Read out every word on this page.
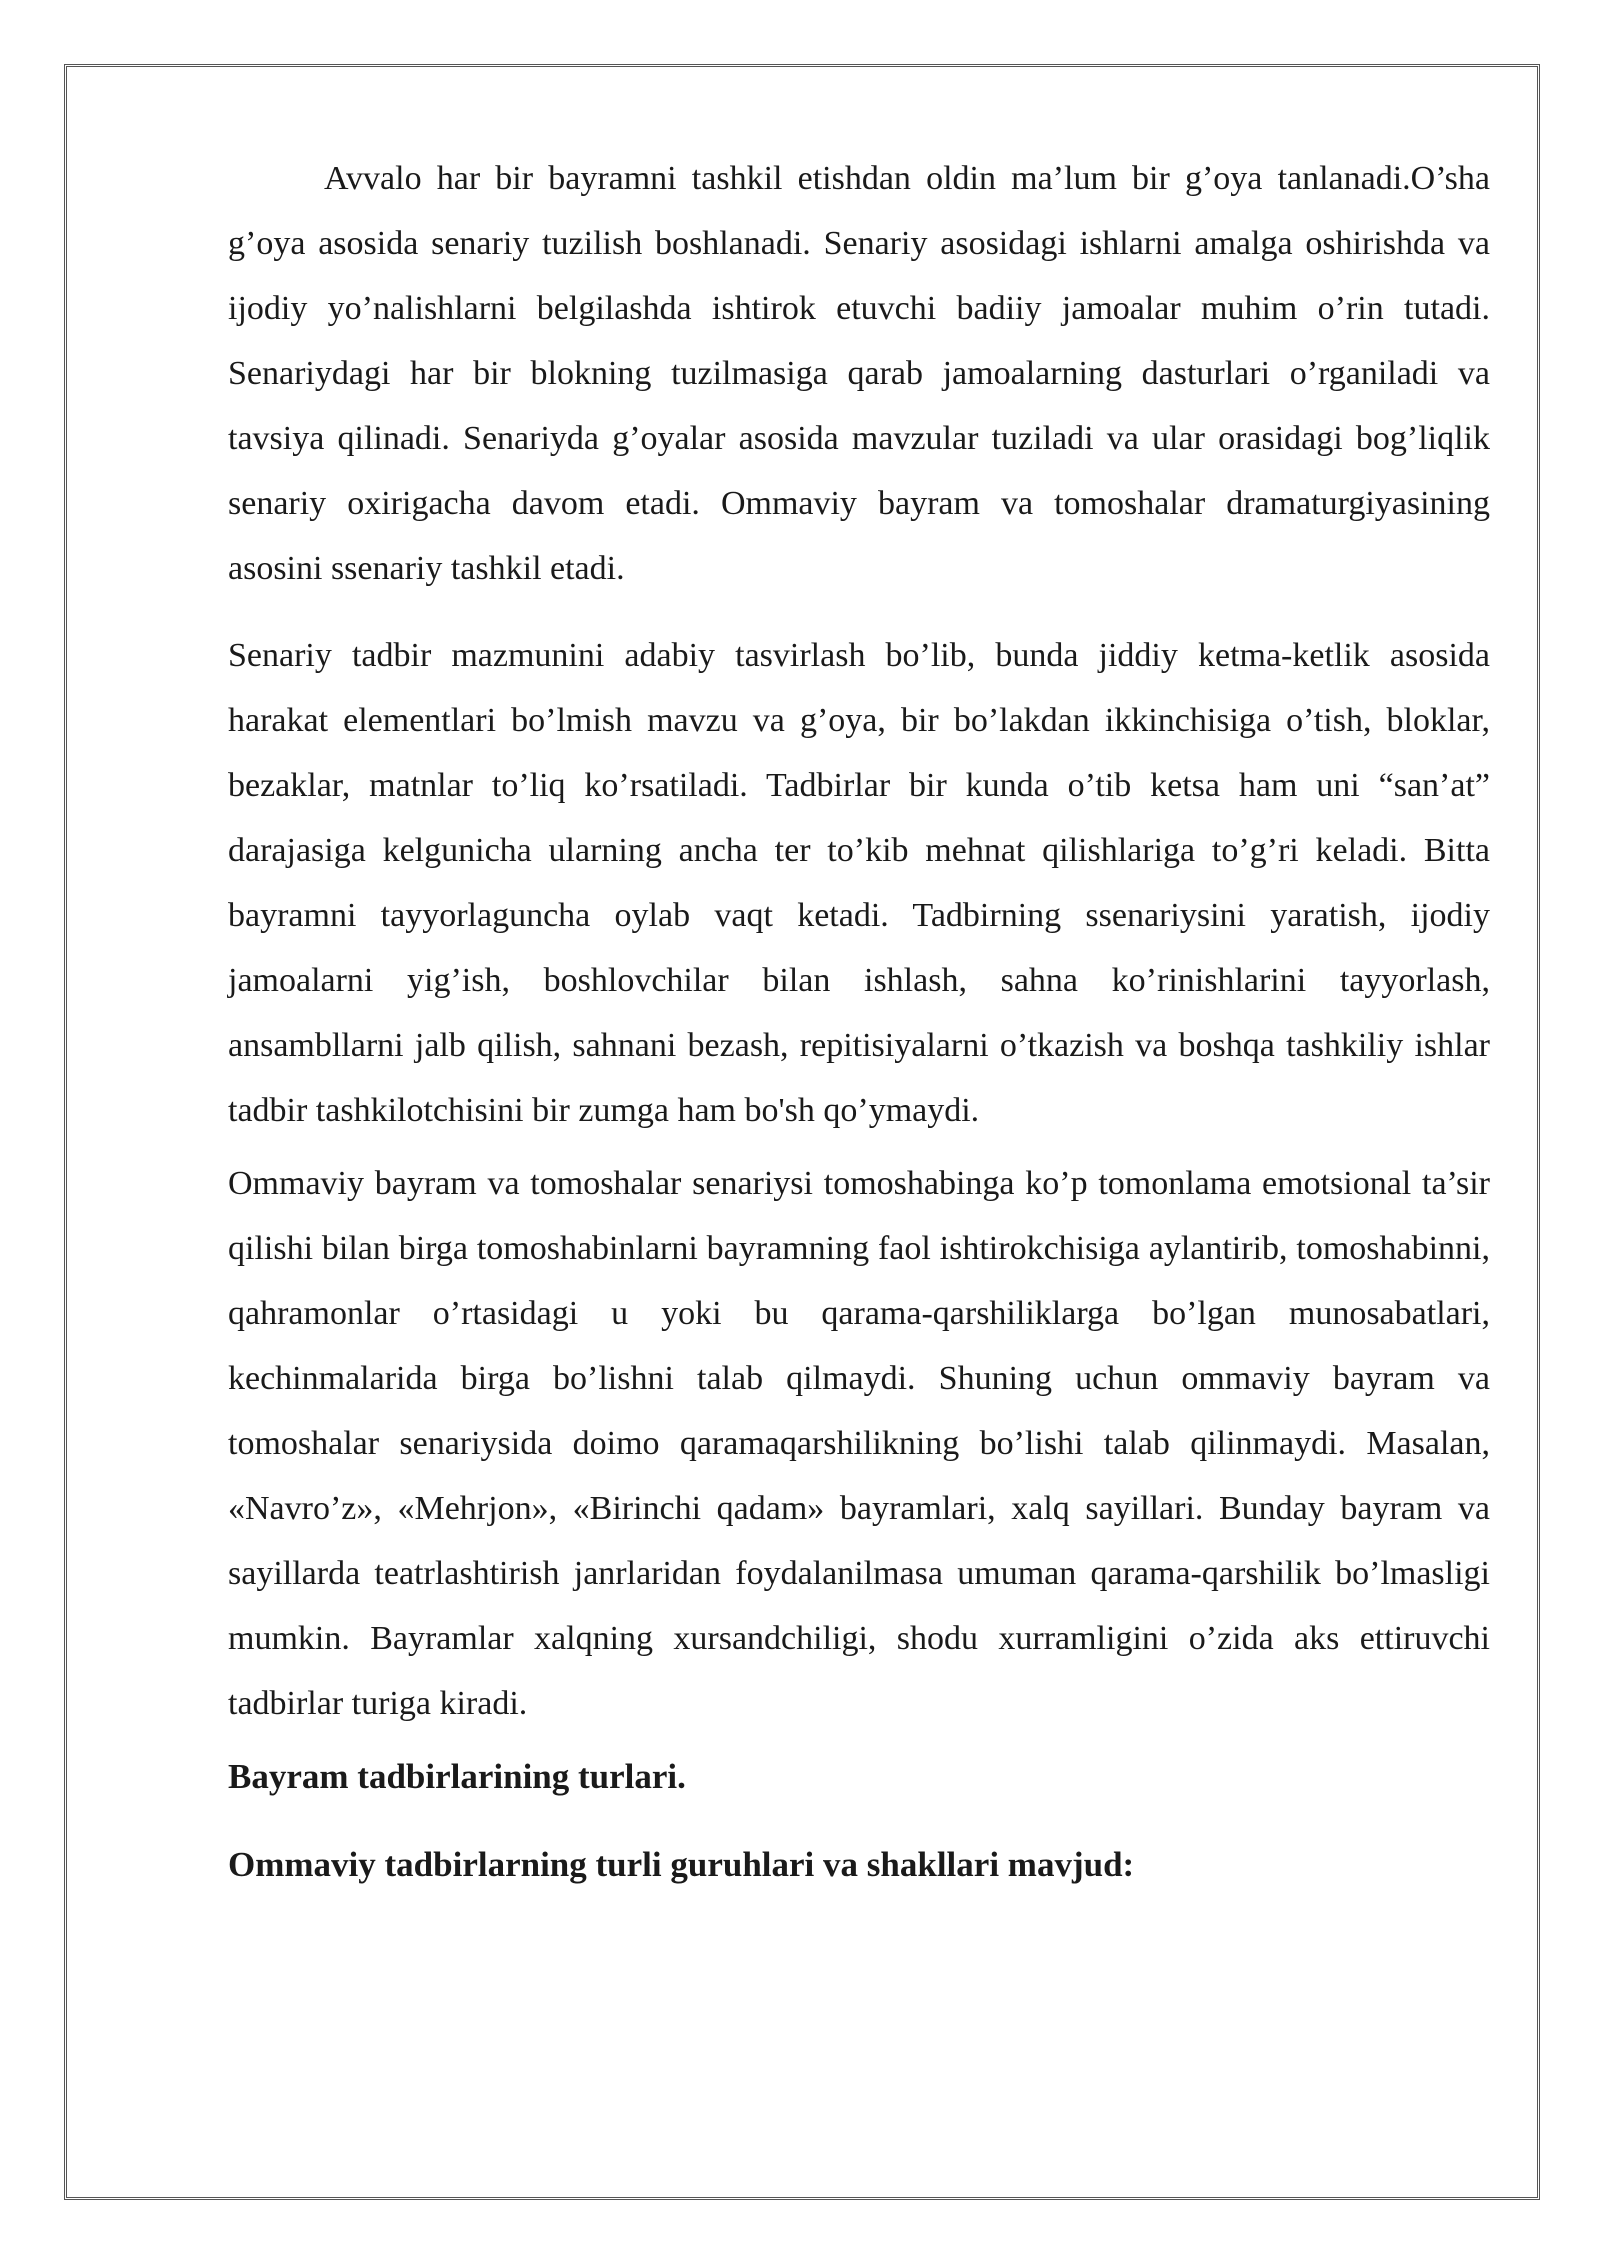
Avvalo har bir bayramni tashkil etishdan oldin ma’lum bir g’oya tanlanadi.O’sha g’oya asosida senariy tuzilish boshlanadi. Senariy asosidagi ishlarni amalga oshirishda va ijodiy yo’nalishlarni belgilashda ishtirok etuvchi badiiy jamoalar muhim o’rin tutadi. Senariydagi har bir blokning tuzilmasiga qarab jamoalarning dasturlari o’rganiladi va tavsiya qilinadi. Senariyda g’oyalar asosida mavzular tuziladi va ular orasidagi bog’liqlik senariy oxirigacha davom etadi. Ommaviy bayram va tomoshalar dramaturgiyasining asosini ssenariy tashkil etadi.

Senariy tadbir mazmunini adabiy tasvirlash bo’lib, bunda jiddiy ketma-ketlik asosida harakat elementlari bo’lmish mavzu va g’oya, bir bo’lakdan ikkinchisiga o’tish, bloklar, bezaklar, matnlar to’liq ko’rsatiladi. Tadbirlar bir kunda o’tib ketsa ham uni “san’at” darajasiga kelgunicha ularning ancha ter to’kib mehnat qilishlariga to’g’ri keladi. Bitta bayramni tayyorlaguncha oylab vaqt ketadi. Tadbirning ssenariysini yaratish, ijodiy jamoalarni yig’ish, boshlovchilar bilan ishlash, sahna ko’rinishlarini tayyorlash, ansambllarni jalb qilish, sahnani bezash, repitisiyalarni o’tkazish va boshqa tashkiliy ishlar tadbir tashkilotchisini bir zumga ham bo'sh qo’ymaydi.

Ommaviy bayram va tomoshalar senariysi tomoshabinga ko’p tomonlama emotsional ta’sir qilishi bilan birga tomoshabinlarni bayramning faol ishtirokchisiga aylantirib, tomoshabinni, qahramonlar o’rtasidagi u yoki bu qarama-qarshiliklarga bo’lgan munosabatlari, kechinmalarida birga bo’lishni talab qilmaydi. Shuning uchun ommaviy bayram va tomoshalar senariysida doimo qaramaqarshilikning bo’lishi talab qilinmaydi. Masalan, «Navro’z», «Mehrjon», «Birinchi qadam» bayramlari, xalq sayillari. Bunday bayram va sayillarda teatrlashtirish janrlaridan foydalanilmasa umuman qarama-qarshilik bo’lmasligi mumkin. Bayramlar xalqning xursandchiligi, shodu xurramligini o’zida aks ettiruvchi tadbirlar turiga kiradi.

Bayram tadbirlarining turlari.
Ommaviy tadbirlarning turli guruhlari va shakllari mavjud:
